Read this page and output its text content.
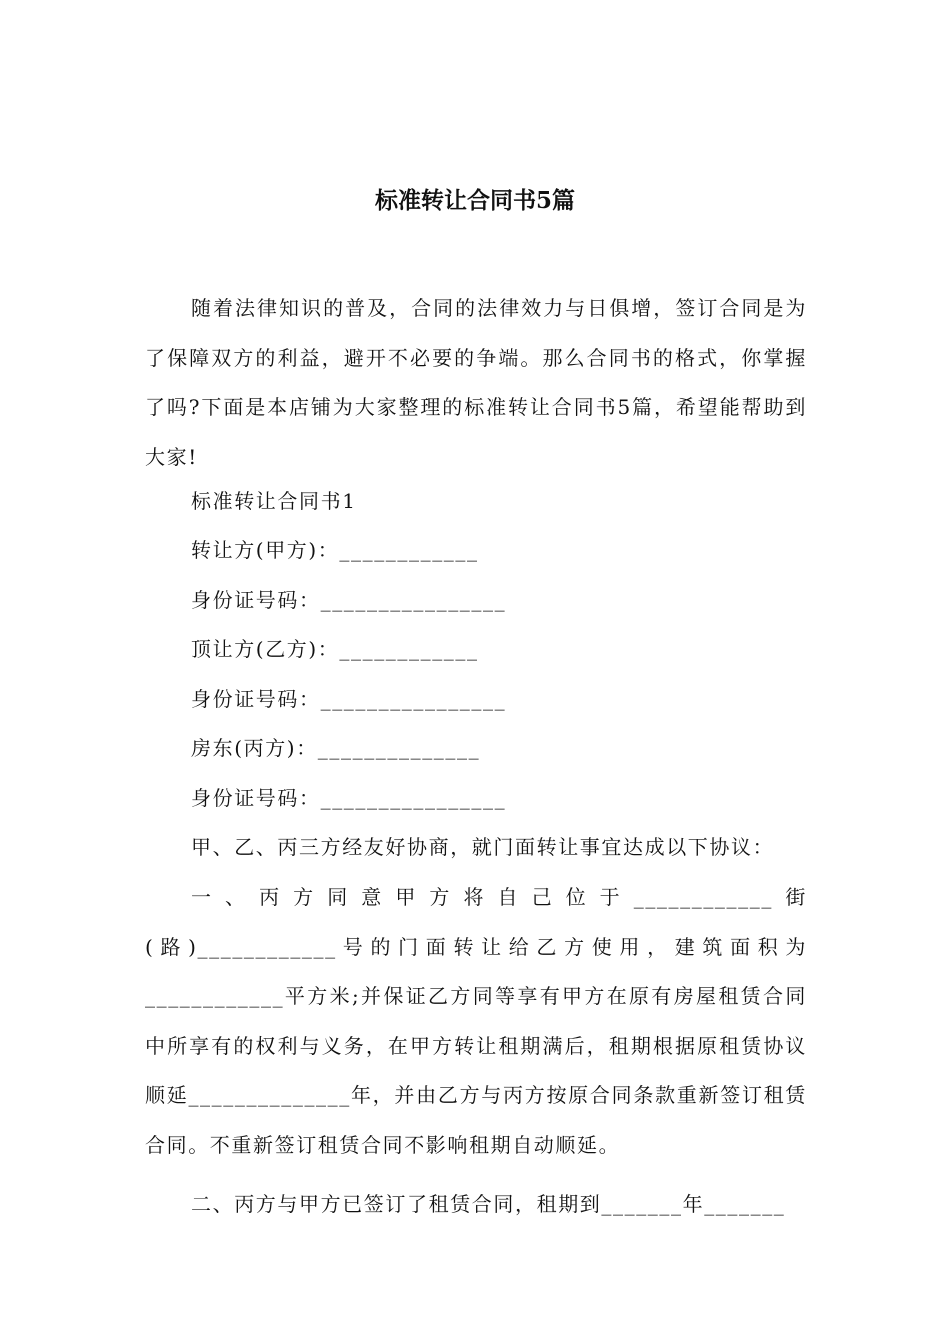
标准转让合同书5篇

随着法律知识的普及，合同的法律效力与日俱增，签订合同是为了保障双方的利益，避开不必要的争端。那么合同书的格式，你掌握了吗?下面是本店铺为大家整理的标准转让合同书5篇，希望能帮助到大家!

标准转让合同书1

转让方(甲方)：____________

身份证号码：________________

顶让方(乙方)：____________

身份证号码：________________

房东(丙方)：______________

身份证号码：________________

甲、乙、丙三方经友好协商，就门面转让事宜达成以下协议：

一、丙方同意甲方将自己位于____________街(路)____________号的门面转让给乙方使用，建筑面积为____________平方米;并保证乙方同等享有甲方在原有房屋租赁合同中所享有的权利与义务，在甲方转让租期满后，租期根据原租赁协议顺延______________年，并由乙方与丙方按原合同条款重新签订租赁合同。不重新签订租赁合同不影响租期自动顺延。

二、丙方与甲方已签订了租赁合同，租期到_______年_______
